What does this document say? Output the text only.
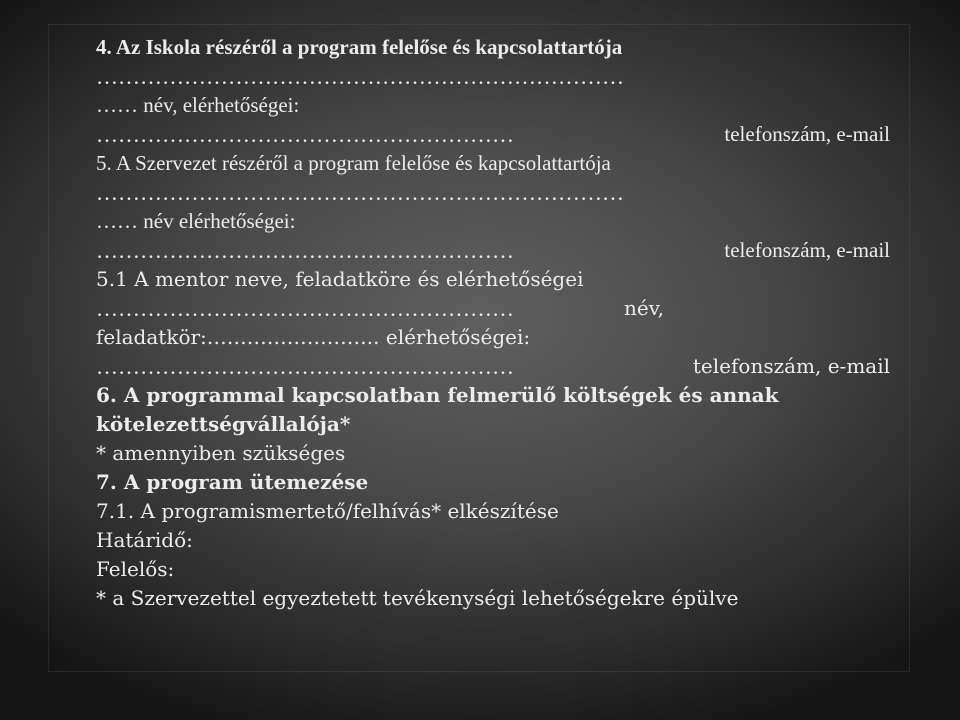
4. Az Iskola részéről a program felelőse és kapcsolattartója
………………………………………………………………
…… név, elérhetőségei:
…………………………………………………	telefonszám, e-mail
5. A Szervezet részéről a program felelőse és kapcsolattartója
………………………………………………………………
…… név elérhetőségei:
…………………………………………………	telefonszám, e-mail
5.1 A mentor neve, feladatköre és elérhetőségei
…………………………………………………	név,
feladatkör:…………………….. elérhetőségei:
…………………………………………………	telefonszám, e-mail
6. A programmal kapcsolatban felmerülő költségek és annak
kötelezettségvállalója*
* amennyiben szükséges
7. A program ütemezése
7.1. A programismertető/felhívás* elkészítése
Határidő:
Felelős:
* a Szervezettel egyeztetett tevékenységi lehetőségekre épülve
